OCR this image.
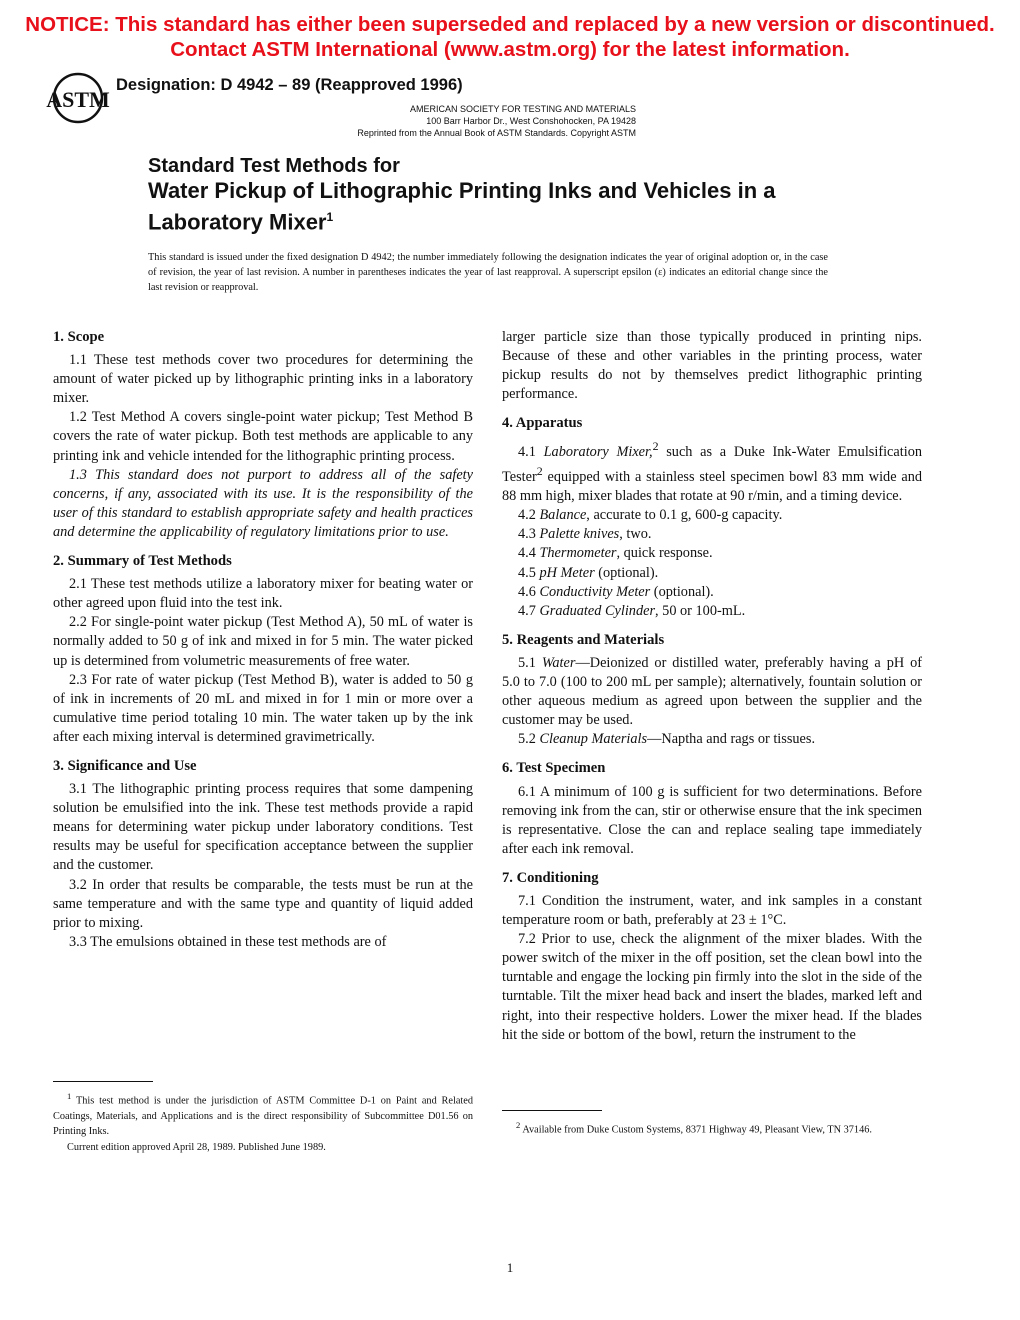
NOTICE: This standard has either been superseded and replaced by a new version or discontinued.
Contact ASTM International (www.astm.org) for the latest information.
ASTM
Designation: D 4942 – 89 (Reapproved 1996)
AMERICAN SOCIETY FOR TESTING AND MATERIALS
100 Barr Harbor Dr., West Conshohocken, PA 19428
Reprinted from the Annual Book of ASTM Standards. Copyright ASTM
Standard Test Methods for
Water Pickup of Lithographic Printing Inks and Vehicles in a
Laboratory Mixer$^1$
This standard is issued under the fixed designation D 4942; the number immediately following the designation indicates the year of original adoption or, in the case of revision, the year of last revision. A number in parentheses indicates the year of last reapproval. A superscript epsilon (ε) indicates an editorial change since the last revision or reapproval.
1. Scope

1.1 These test methods cover two procedures for determining the amount of water picked up by lithographic printing inks in a laboratory mixer.

1.2 Test Method A covers single-point water pickup; Test Method B covers the rate of water pickup. Both test methods are applicable to any printing ink and vehicle intended for the lithographic printing process.

1.3 This standard does not purport to address all of the safety concerns, if any, associated with its use. It is the responsibility of the user of this standard to establish appropriate safety and health practices and determine the applicability of regulatory limitations prior to use.

2. Summary of Test Methods

2.1 These test methods utilize a laboratory mixer for beating water or other agreed upon fluid into the test ink.

2.2 For single-point water pickup (Test Method A), 50 mL of water is normally added to 50 g of ink and mixed in for 5 min. The water picked up is determined from volumetric measurements of free water.

2.3 For rate of water pickup (Test Method B), water is added to 50 g of ink in increments of 20 mL and mixed in for 1 min or more over a cumulative time period totaling 10 min. The water taken up by the ink after each mixing interval is determined gravimetrically.

3. Significance and Use

3.1 The lithographic printing process requires that some dampening solution be emulsified into the ink. These test methods provide a rapid means for determining water pickup under laboratory conditions. Test results may be useful for specification acceptance between the supplier and the customer.

3.2 In order that results be comparable, the tests must be run at the same temperature and with the same type and quantity of liquid added prior to mixing.

3.3 The emulsions obtained in these test methods are of

larger particle size than those typically produced in printing nips. Because of these and other variables in the printing process, water pickup results do not by themselves predict lithographic printing performance.

4. Apparatus

4.1 Laboratory Mixer,$^2$ such as a Duke Ink-Water Emulsification Tester$^2$ equipped with a stainless steel specimen bowl 83 mm wide and 88 mm high, mixer blades that rotate at 90 r/min, and a timing device.

4.2 Balance, accurate to 0.1 g, 600-g capacity.

4.3 Palette knives, two.

4.4 Thermometer, quick response.

4.5 pH Meter (optional).

4.6 Conductivity Meter (optional).

4.7 Graduated Cylinder, 50 or 100-mL.

5. Reagents and Materials

5.1 Water—Deionized or distilled water, preferably having a pH of 5.0 to 7.0 (100 to 200 mL per sample); alternatively, fountain solution or other aqueous medium as agreed upon between the supplier and the customer may be used.

5.2 Cleanup Materials—Naptha and rags or tissues.

6. Test Specimen

6.1 A minimum of 100 g is sufficient for two determinations. Before removing ink from the can, stir or otherwise ensure that the ink specimen is representative. Close the can and replace sealing tape immediately after each ink removal.

7. Conditioning

7.1 Condition the instrument, water, and ink samples in a constant temperature room or bath, preferably at 23 ± 1°C.

7.2 Prior to use, check the alignment of the mixer blades. With the power switch of the mixer in the off position, set the clean bowl into the turntable and engage the locking pin firmly into the slot in the side of the turntable. Tilt the mixer head back and insert the blades, marked left and right, into their respective holders. Lower the mixer head. If the blades hit the side or bottom of the bowl, return the instrument to the

$^1$ This test method is under the jurisdiction of ASTM Committee D-1 on Paint and Related Coatings, Materials, and Applications and is the direct responsibility of Subcommittee D01.56 on Printing Inks.

Current edition approved April 28, 1989. Published June 1989.

$^2$ Available from Duke Custom Systems, 8371 Highway 49, Pleasant View, TN 37146.

1
